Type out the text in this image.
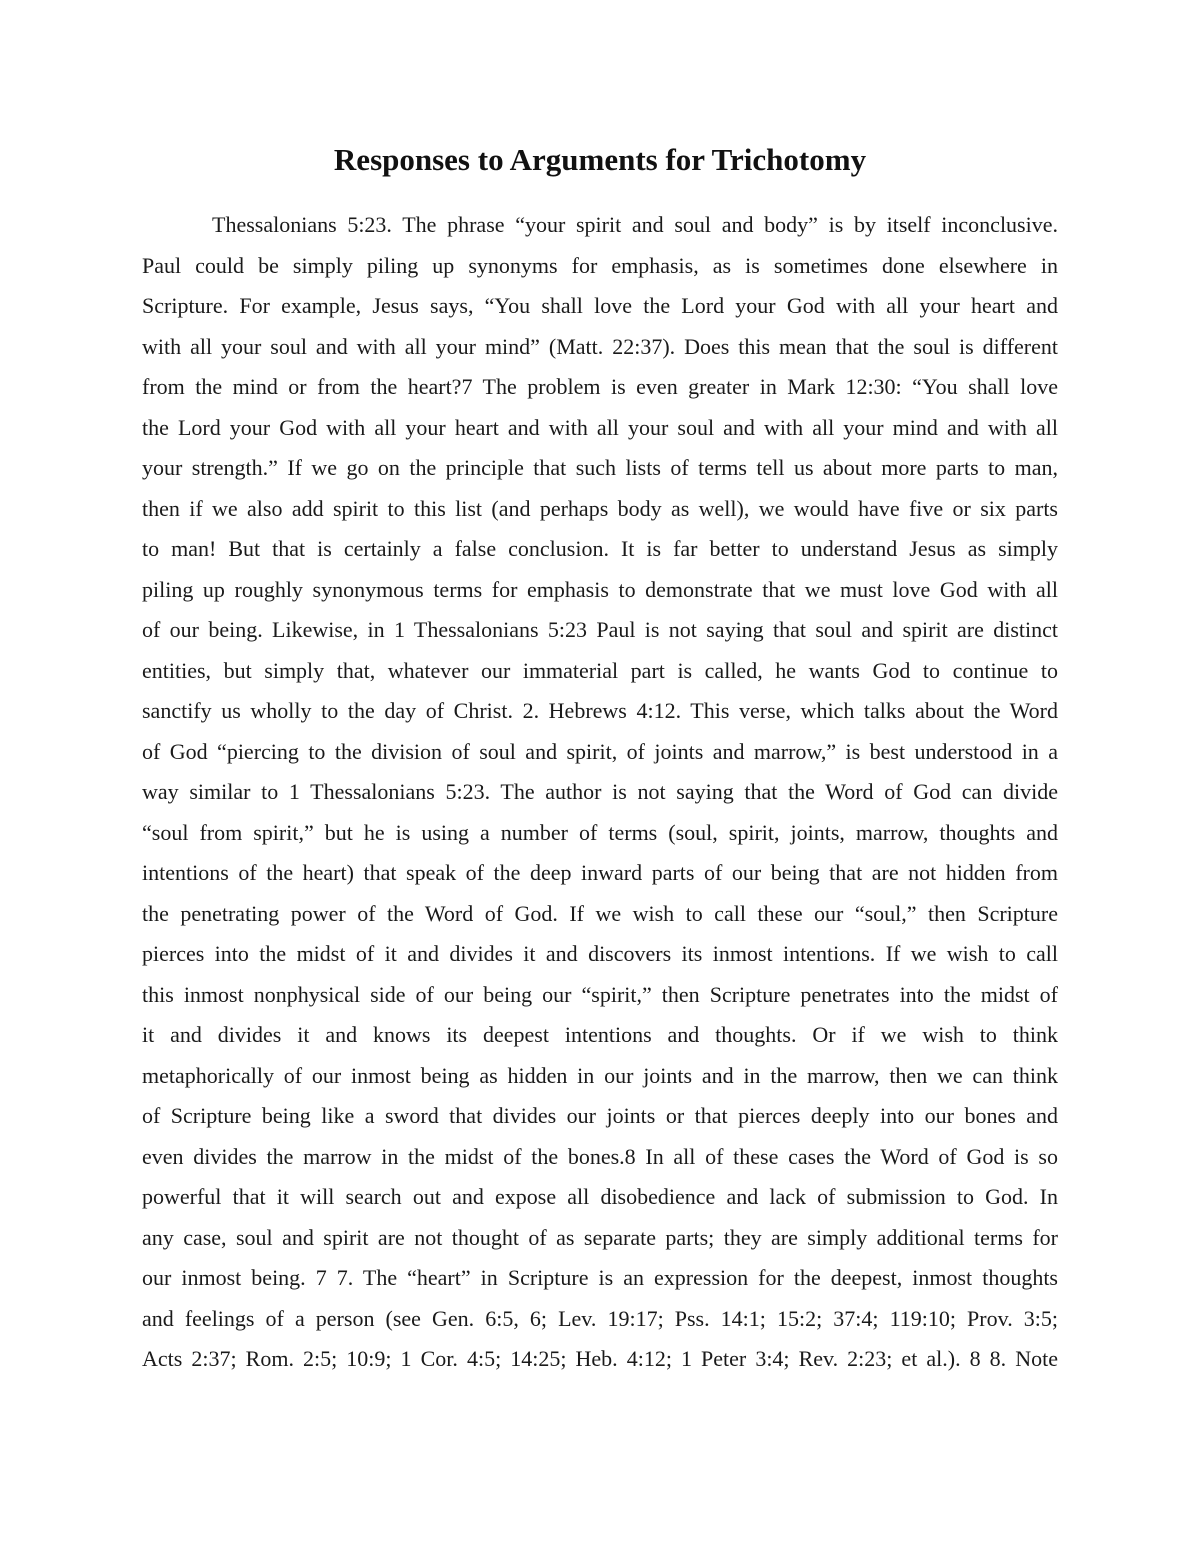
Responses to Arguments for Trichotomy
Thessalonians 5:23. The phrase “your spirit and soul and body” is by itself inconclusive.
Paul could be simply piling up synonyms for emphasis, as is sometimes done elsewhere in
Scripture. For example, Jesus says, “You shall love the Lord your God with all your heart and
with all your soul and with all your mind” (Matt. 22:37). Does this mean that the soul is different
from the mind or from the heart?7 The problem is even greater in Mark 12:30: “You shall love
the Lord your God with all your heart and with all your soul and with all your mind and with all
your strength.” If we go on the principle that such lists of terms tell us about more parts to man,
then if we also add spirit to this list (and perhaps body as well), we would have five or six parts
to man! But that is certainly a false conclusion. It is far better to understand Jesus as simply
piling up roughly synonymous terms for emphasis to demonstrate that we must love God with all
of our being. Likewise, in 1 Thessalonians 5:23 Paul is not saying that soul and spirit are distinct
entities, but simply that, whatever our immaterial part is called, he wants God to continue to
sanctify us wholly to the day of Christ. 2. Hebrews 4:12. This verse, which talks about the Word
of God “piercing to the division of soul and spirit, of joints and marrow,” is best understood in a
way similar to 1 Thessalonians 5:23. The author is not saying that the Word of God can divide
“soul from spirit,” but he is using a number of terms (soul, spirit, joints, marrow, thoughts and
intentions of the heart) that speak of the deep inward parts of our being that are not hidden from
the penetrating power of the Word of God. If we wish to call these our “soul,” then Scripture
pierces into the midst of it and divides it and discovers its inmost intentions. If we wish to call
this inmost nonphysical side of our being our “spirit,” then Scripture penetrates into the midst of
it and divides it and knows its deepest intentions and thoughts. Or if we wish to think
metaphorically of our inmost being as hidden in our joints and in the marrow, then we can think
of Scripture being like a sword that divides our joints or that pierces deeply into our bones and
even divides the marrow in the midst of the bones.8 In all of these cases the Word of God is so
powerful that it will search out and expose all disobedience and lack of submission to God. In
any case, soul and spirit are not thought of as separate parts; they are simply additional terms for
our inmost being. 7 7. The “heart” in Scripture is an expression for the deepest, inmost thoughts
and feelings of a person (see Gen. 6:5, 6; Lev. 19:17; Pss. 14:1; 15:2; 37:4; 119:10; Prov. 3:5;
Acts 2:37; Rom. 2:5; 10:9; 1 Cor. 4:5; 14:25; Heb. 4:12; 1 Peter 3:4; Rev. 2:23; et al.). 8 8. Note
